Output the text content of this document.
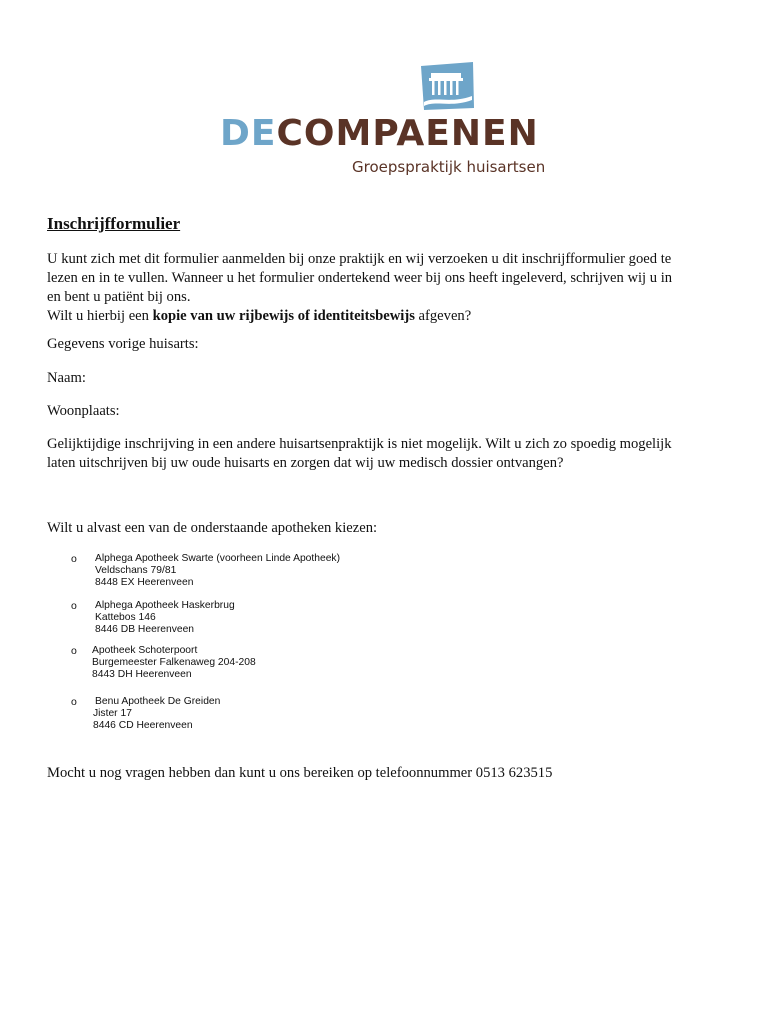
DECOMPAENEN
Groepspraktijk huisartsen
Inschrijfformulier
U kunt zich met dit formulier aanmelden bij onze praktijk en wij verzoeken u dit inschrijfformulier goed te
lezen en in te vullen. Wanneer u het formulier ondertekend weer bij ons heeft ingeleverd, schrijven wij u in
en bent u patiënt bij ons.
Wilt u hierbij een kopie van uw rijbewijs of identiteitsbewijs afgeven?
Gegevens vorige huisarts:
Naam:
Woonplaats:
Gelijktijdige inschrijving in een andere huisartsenpraktijk is niet mogelijk. Wilt u zich zo spoedig mogelijk
laten uitschrijven bij uw oude huisarts en zorgen dat wij uw medisch dossier ontvangen?
Wilt u alvast een van de onderstaande apotheken kiezen:
o Alphega Apotheek Swarte (voorheen Linde Apotheek)
Veldschans 79/81
8448 EX Heerenveen
o Alphega Apotheek Haskerbrug
Kattebos 146
8446 DB Heerenveen
o Apotheek Schoterpoort
Burgemeester Falkenaweg 204-208
8443 DH Heerenveen
o Benu Apotheek De Greiden
Jister 17
8446 CD Heerenveen
Mocht u nog vragen hebben dan kunt u ons bereiken op telefoonnummer 0513 623515
